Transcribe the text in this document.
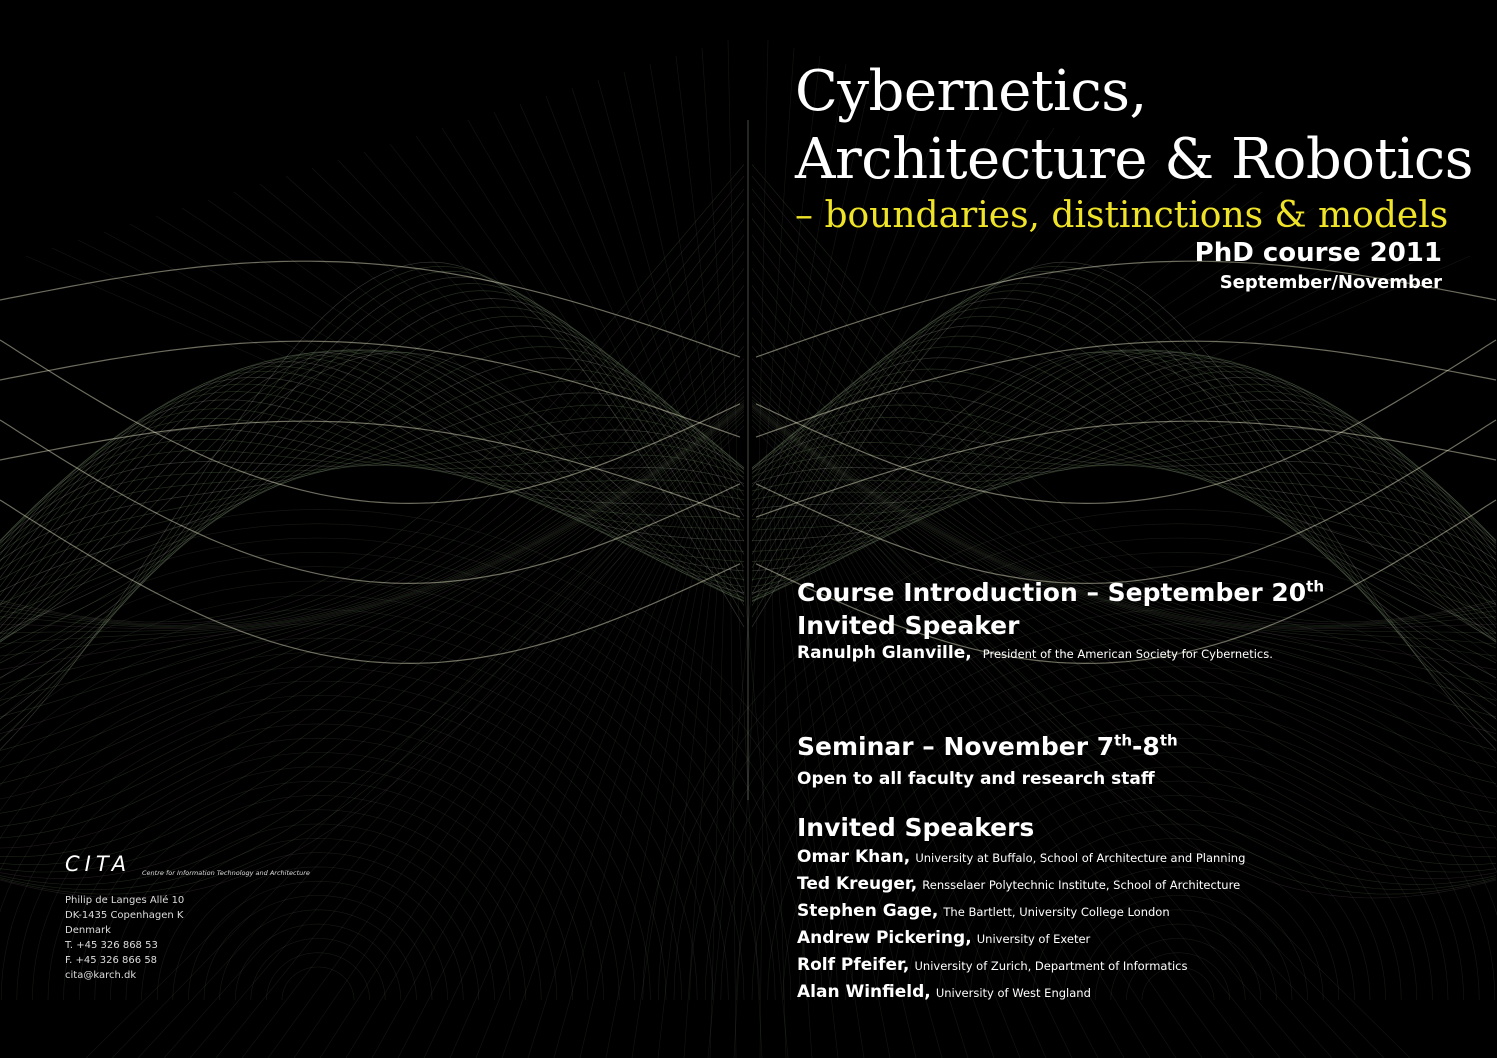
Cybernetics,
Architecture & Robotics
– boundaries, distinctions & models
PhD course 2011
September/November
Course Introduction – September 20th
Invited Speaker
Ranulph Glanville, President of the American Society for Cybernetics.
Seminar – November 7th-8th
Open to all faculty and research staff
Invited Speakers
Omar Khan, University at Buffalo, School of Architecture and Planning
Ted Kreuger, Rensselaer Polytechnic Institute, School of Architecture
Stephen Gage, The Bartlett, University College London
Andrew Pickering, University of Exeter
Rolf Pfeifer, University of Zurich, Department of Informatics
Alan Winfield, University of West England
CITA Centre for Information Technology and Architecture
Philip de Langes Allé 10
DK-1435 Copenhagen K
Denmark
T. +45 326 868 53
F. +45 326 866 58
cita@karch.dk
